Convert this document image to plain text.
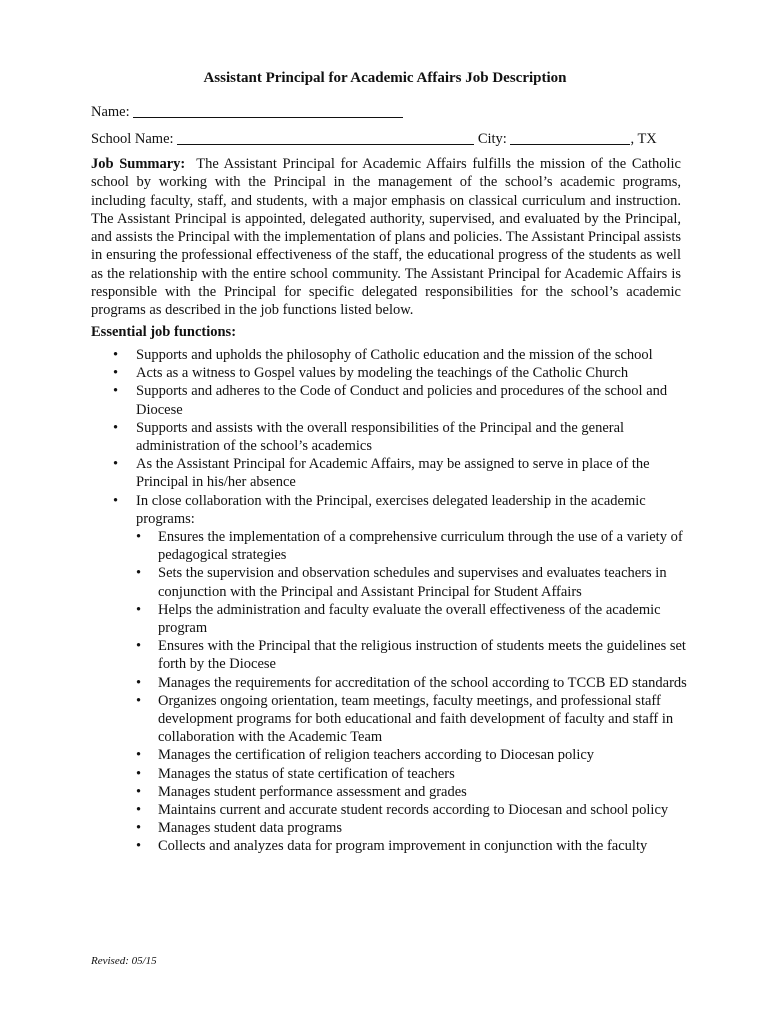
Assistant Principal for Academic Affairs Job Description
Name:
School Name:	City:	, TX
Job Summary: The Assistant Principal for Academic Affairs fulfills the mission of the Catholic school by working with the Principal in the management of the school’s academic programs, including faculty, staff, and students, with a major emphasis on classical curriculum and instruction. The Assistant Principal is appointed, delegated authority, supervised, and evaluated by the Principal, and assists the Principal with the implementation of plans and policies. The Assistant Principal assists in ensuring the professional effectiveness of the staff, the educational progress of the students as well as the relationship with the entire school community. The Assistant Principal for Academic Affairs is responsible with the Principal for specific delegated responsibilities for the school’s academic programs as described in the job functions listed below.
Essential job functions:
• Supports and upholds the philosophy of Catholic education and the mission of the school
• Acts as a witness to Gospel values by modeling the teachings of the Catholic Church
• Supports and adheres to the Code of Conduct and policies and procedures of the school and Diocese
• Supports and assists with the overall responsibilities of the Principal and the general administration of the school’s academics
• As the Assistant Principal for Academic Affairs, may be assigned to serve in place of the Principal in his/her absence
• In close collaboration with the Principal, exercises delegated leadership in the academic programs:
• Ensures the implementation of a comprehensive curriculum through the use of a variety of pedagogical strategies
• Sets the supervision and observation schedules and supervises and evaluates teachers in conjunction with the Principal and Assistant Principal for Student Affairs
• Helps the administration and faculty evaluate the overall effectiveness of the academic program
• Ensures with the Principal that the religious instruction of students meets the guidelines set forth by the Diocese
• Manages the requirements for accreditation of the school according to TCCB ED standards
• Organizes ongoing orientation, team meetings, faculty meetings, and professional staff development programs for both educational and faith development of faculty and staff in collaboration with the Academic Team
• Manages the certification of religion teachers according to Diocesan policy
• Manages the status of state certification of teachers
• Manages student performance assessment and grades
• Maintains current and accurate student records according to Diocesan and school policy
• Manages student data programs
• Collects and analyzes data for program improvement in conjunction with the faculty
Revised: 05/15
